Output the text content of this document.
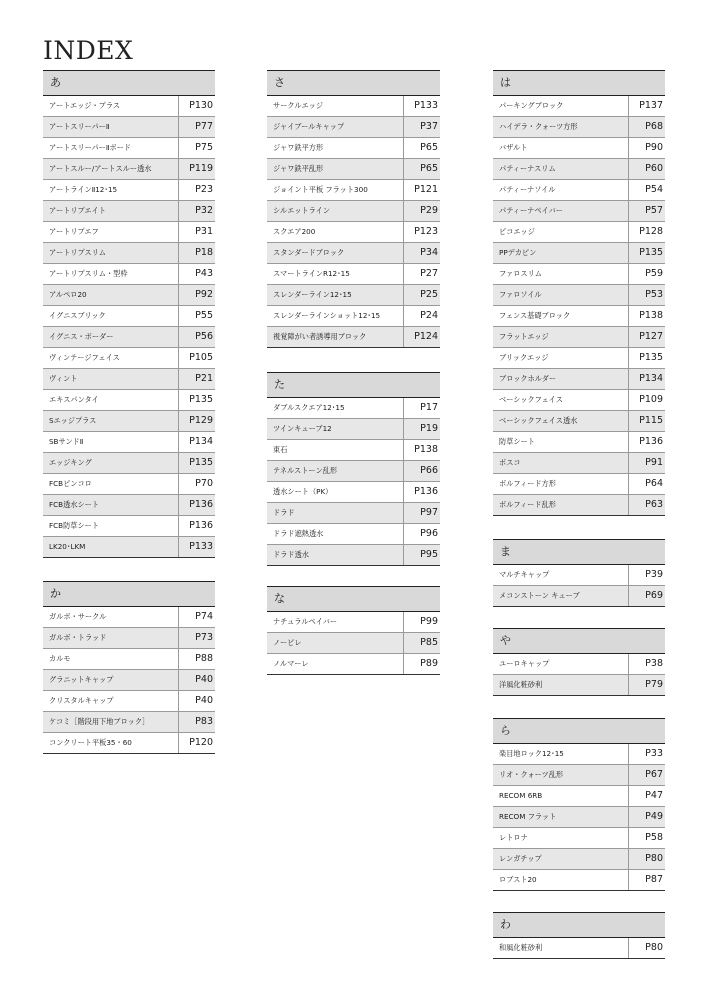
INDEX
あ
アートエッジ・プラス	P130
アートスリーパーⅡ	P77
アートスリーパーⅡボード	P75
アートスルー/アートスルー透水	P119
アートラインⅡ12･15	P23
アートリプエイト	P32
アートリプエフ	P31
アートリプスリム	P18
アートリプスリム・型枠	P43
アルペロ20	P92
イグニスブリック	P55
イグニス・ボーダー	P56
ヴィンテージフェイス	P105
ヴィント	P21
エキスパンタイ	P135
Sエッジプラス	P129
SBサンドⅡ	P134
エッジキング	P135
FCBピンコロ	P70
FCB透水シート	P136
FCB防草シート	P136
LK20･LKM	P133
か
ガルボ・サークル	P74
ガルボ・トラッド	P73
カルモ	P88
グラニットキャップ	P40
クリスタルキャップ	P40
ケコミ［階段用下地ブロック］	P83
コンクリート平板35・60	P120
さ
サークルエッジ	P133
ジャイブールキャップ	P37
ジャワ鉄平方形	P65
ジャワ鉄平乱形	P65
ジョイント平板 フラット300	P121
シルエットライン	P29
スクエア200	P123
スタンダードブロック	P34
スマートラインR12･15	P27
スレンダーライン12･15	P25
スレンダーラインショット12･15	P24
視覚障がい者誘導用ブロック	P124
た
ダブルスクエア12･15	P17
ツインキューブ12	P19
東石	P138
テネルストーン乱形	P66
透水シート（PK）	P136
ドラド	P97
ドラド遮熱透水	P96
ドラド透水	P95
な
ナチュラルペイバー	P99
ノービレ	P85
ノルマーレ	P89
は
パーキングブロック	P137
ハイデラ・クォーツ方形	P68
バザルト	P90
パティーナスリム	P60
パティーナソイル	P54
パティーナペイバー	P57
ピコエッジ	P128
PPデカピン	P135
ファロスリム	P59
ファロソイル	P53
フェンス基礎ブロック	P138
フラットエッジ	P127
ブリックエッジ	P135
ブロックホルダー	P134
ベーシックフェイス	P109
ベーシックフェイス透水	P115
防草シート	P136
ボスコ	P91
ボルフィード方形	P64
ボルフィード乱形	P63
ま
マルチキャップ	P39
メコンストーン キューブ	P69
や
ユーロキャップ	P38
洋風化粧砂利	P79
ら
楽目地ロック12･15	P33
リオ・クォーツ乱形	P67
RECOM 6RB	P47
RECOM フラット	P49
レトロナ	P58
レンガチップ	P80
ロブスト20	P87
わ
和風化粧砂利	P80
